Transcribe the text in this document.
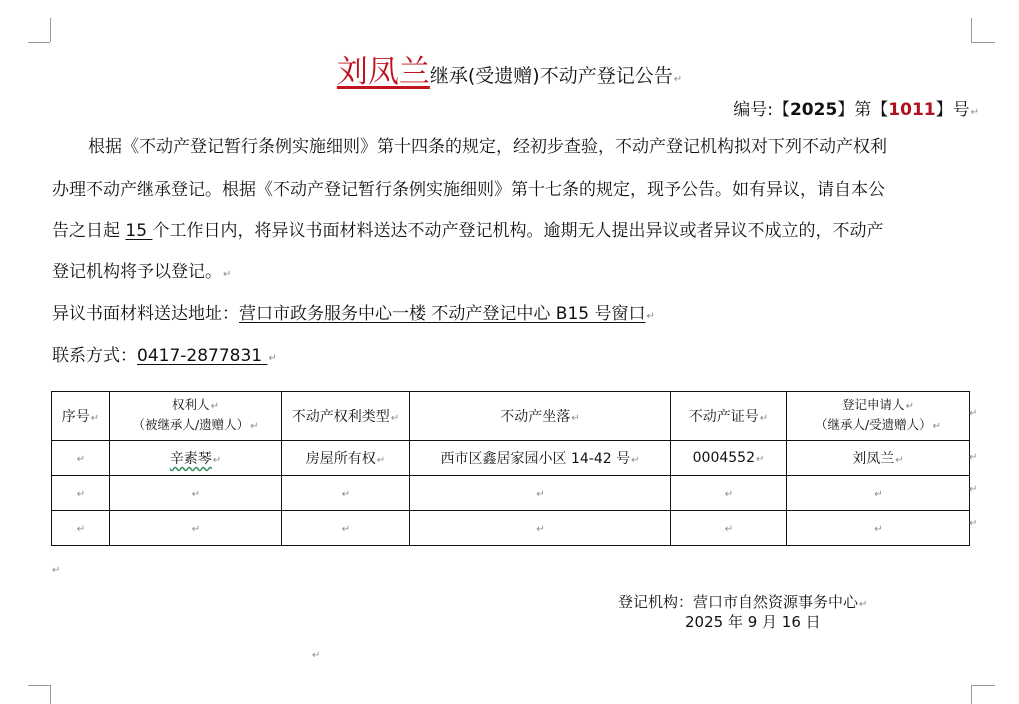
刘凤兰继承(受遗赠)不动产登记公告↵
编号:【2025】第【1011】号↵
根据《不动产登记暂行条例实施细则》第十四条的规定，经初步查验，不动产登记机构拟对下列不动产权利
办理不动产继承登记。根据《不动产登记暂行条例实施细则》第十七条的规定，现予公告。如有异议，请自本公
告之日起 15 个工作日内，将异议书面材料送达不动产登记机构。逾期无人提出异议或者异议不成立的，不动产
登记机构将予以登记。↵
异议书面材料送达地址：营口市政务服务中心一楼 不动产登记中心 B15 号窗口↵
联系方式：0417-2877831 ↵
序号↵	权利人↵
（被继承人/遗赠人）↵	不动产权利类型↵	不动产坐落↵	不动产证号↵	登记申请人↵
（继承人/受遗赠人）↵
↵	辛素琴↵	房屋所有权↵	西市区鑫居家园小区 14-42 号↵	0004552↵	刘凤兰↵
↵	↵	↵	↵	↵	↵
↵	↵	↵	↵	↵	↵
↵
↵
↵
↵
↵
登记机构：营口市自然资源事务中心↵
2025 年 9 月 16 日
↵
